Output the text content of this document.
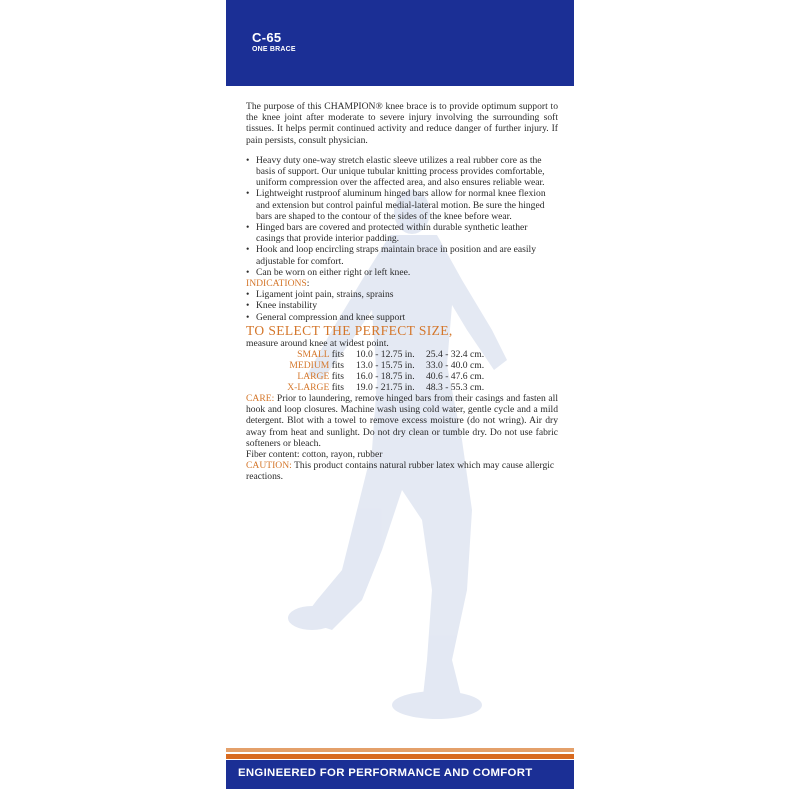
C-65
ONE BRACE

The purpose of this CHAMPION® knee brace is to provide optimum support to the knee joint after moderate to severe injury involving the surrounding soft tissues. It helps permit continued activity and reduce danger of further injury. If pain persists, consult physician.

• Heavy duty one-way stretch elastic sleeve utilizes a real rubber core as the basis of support. Our unique tubular knitting process provides comfortable, uniform compression over the affected area, and also ensures reliable wear.
• Lightweight rustproof aluminum hinged bars allow for normal knee flexion and extension but control painful medial-lateral motion. Be sure the hinged bars are shaped to the contour of the sides of the knee before wear.
• Hinged bars are covered and protected within durable synthetic leather casings that provide interior padding.
• Hook and loop encircling straps maintain brace in position and are easily adjustable for comfort.
• Can be worn on either right or left knee.

INDICATIONS:

• Ligament joint pain, strains, sprains
• Knee instability
• General compression and knee support

TO SELECT THE PERFECT SIZE,

measure around knee at widest point.

SMALL fits	10.0 - 12.75 in.	25.4 - 32.4 cm.
MEDIUM fits	13.0 - 15.75 in.	33.0 - 40.0 cm.
LARGE fits	16.0 - 18.75 in.	40.6 - 47.6 cm.
X-LARGE fits	19.0 - 21.75 in.	48.3 - 55.3 cm.

CARE: Prior to laundering, remove hinged bars from their casings and fasten all hook and loop closures. Machine wash using cold water, gentle cycle and a mild detergent. Blot with a towel to remove excess moisture (do not wring). Air dry away from heat and sunlight. Do not dry clean or tumble dry. Do not use fabric softeners or bleach.

Fiber content: cotton, rayon, rubber

CAUTION: This product contains natural rubber latex which may cause allergic reactions.

ENGINEERED FOR PERFORMANCE AND COMFORT
